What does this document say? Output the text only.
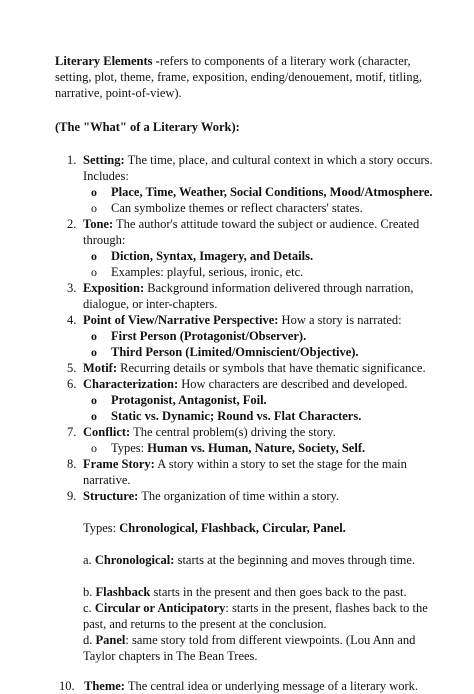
Literary Elements -refers to components of a literary work (character, setting, plot, theme, frame, exposition, ending/denouement, motif, titling, narrative, point-of-view).

(The "What" of a Literary Work):

1. Setting: The time, place, and cultural context in which a story occurs. Includes:
o Place, Time, Weather, Social Conditions, Mood/Atmosphere.
o Can symbolize themes or reflect characters' states.
2. Tone: The author's attitude toward the subject or audience. Created through:
o Diction, Syntax, Imagery, and Details.
o Examples: playful, serious, ironic, etc.
3. Exposition: Background information delivered through narration, dialogue, or inter-chapters.
4. Point of View/Narrative Perspective: How a story is narrated:
o First Person (Protagonist/Observer).
o Third Person (Limited/Omniscient/Objective).
5. Motif: Recurring details or symbols that have thematic significance.
6. Characterization: How characters are described and developed.
o Protagonist, Antagonist, Foil.
o Static vs. Dynamic; Round vs. Flat Characters.
7. Conflict: The central problem(s) driving the story.
o Types: Human vs. Human, Nature, Society, Self.
8. Frame Story: A story within a story to set the stage for the main narrative.
9. Structure: The organization of time within a story.

Types: Chronological, Flashback, Circular, Panel.

a. Chronological: starts at the beginning and moves through time.

b. Flashback starts in the present and then goes back to the past.

c. Circular or Anticipatory: starts in the present, flashes back to the past, and returns to the present at the conclusion.

d. Panel: same story told from different viewpoints. (Lou Ann and Taylor chapters in The Bean Trees.

10. Theme: The central idea or underlying message of a literary work.
